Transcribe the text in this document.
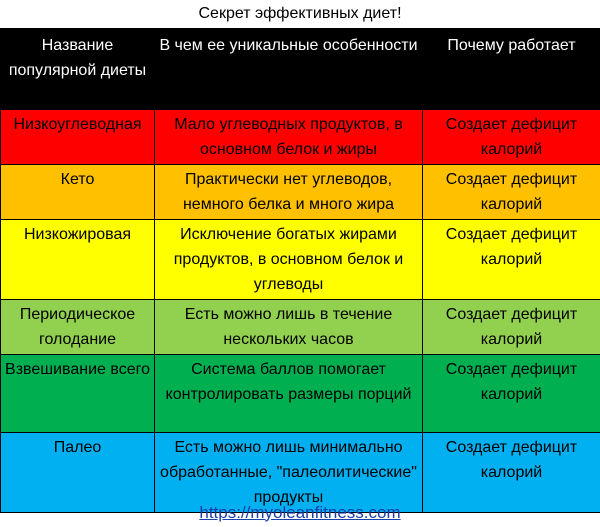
Секрет эффективных диет!
Название популярной диеты	В чем ее уникальные особенности	Почему работает
Низкоуглеводная	Мало углеводных продуктов, в основном белок и жиры	Создает дефицит калорий
Кето	Практически нет углеводов, немного белка и много жира	Создает дефицит калорий
Низкожировая	Исключение богатых жирами продуктов, в основном белок и углеводы	Создает дефицит калорий
Периодическое голодание	Есть можно лишь в течение нескольких часов	Создает дефицит калорий
Взвешивание всего	Система баллов помогает контролировать размеры порций	Создает дефицит калорий
Палео	Есть можно лишь минимально обработанные, "палеолитические" продукты	Создает дефицит калорий
https://myoleanfitness.com
